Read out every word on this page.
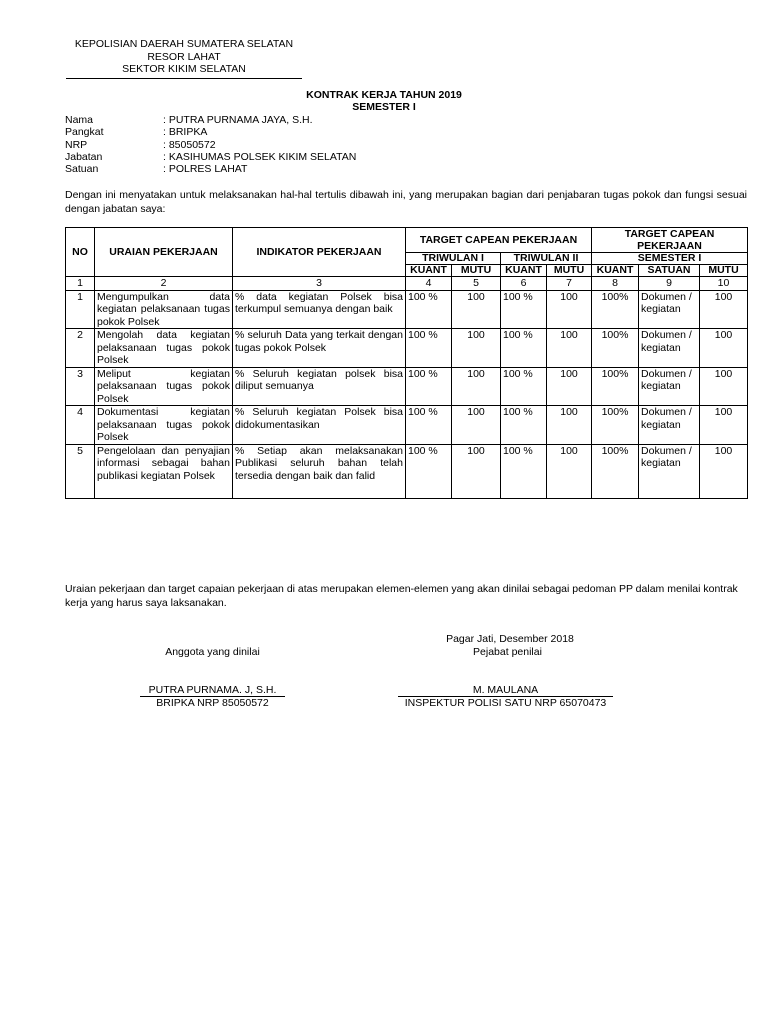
KEPOLISIAN DAERAH SUMATERA SELATAN
RESOR LAHAT
SEKTOR KIKIM SELATAN
KONTRAK KERJA TAHUN 2019
SEMESTER I
Nama	: PUTRA PURNAMA JAYA, S.H.
Pangkat	: BRIPKA
NRP	: 85050572
Jabatan	: KASIHUMAS POLSEK KIKIM SELATAN
Satuan	: POLRES LAHAT
Dengan ini menyatakan untuk melaksanakan hal-hal tertulis dibawah ini, yang merupakan bagian dari penjabaran tugas pokok dan fungsi sesuai dengan jabatan saya:
NO	URAIAN PEKERJAAN	INDIKATOR PEKERJAAN	TARGET CAPEAN PEKERJAAN				TARGET CAPEAN PEKERJAAN		
			TRIWULAN I		TRIWULAN II		SEMESTER I		
			KUANT	MUTU	KUANT	MUTU	KUANT	SATUAN	MUTU
1	2	3	4	5	6	7	8	9	10
1	Mengumpulkan data kegiatan pelaksanaan tugas pokok Polsek	% data kegiatan Polsek bisa terkumpul semuanya dengan baik	100 %	100	100 %	100	100%	Dokumen / kegiatan	100
2	Mengolah data kegiatan pelaksanaan tugas pokok Polsek	% seluruh Data yang terkait dengan tugas pokok Polsek	100 %	100	100 %	100	100%	Dokumen / kegiatan	100
3	Meliput kegiatan pelaksanaan tugas pokok Polsek	% Seluruh kegiatan polsek bisa diliput semuanya	100 %	100	100 %	100	100%	Dokumen / kegiatan	100
4	Dokumentasi kegiatan pelaksanaan tugas pokok Polsek	% Seluruh kegiatan Polsek bisa didokumentasikan	100 %	100	100 %	100	100%	Dokumen / kegiatan	100
5	Pengelolaan dan penyajian informasi sebagai bahan publikasi kegiatan Polsek	% Setiap akan melaksanakan Publikasi seluruh bahan telah tersedia dengan baik dan falid	100 %	100	100 %	100	100%	Dokumen / kegiatan	100
Uraian pekerjaan dan target capaian pekerjaan di atas merupakan elemen-elemen yang akan dinilai sebagai pedoman PP dalam menilai kontrak kerja yang harus saya laksanakan.
Pagar Jati, Desember 2018
Anggota yang dinilai	Pejabat penilai
PUTRA PURNAMA. J, S.H.
BRIPKA NRP 85050572
M. MAULANA
INSPEKTUR POLISI SATU NRP 65070473
